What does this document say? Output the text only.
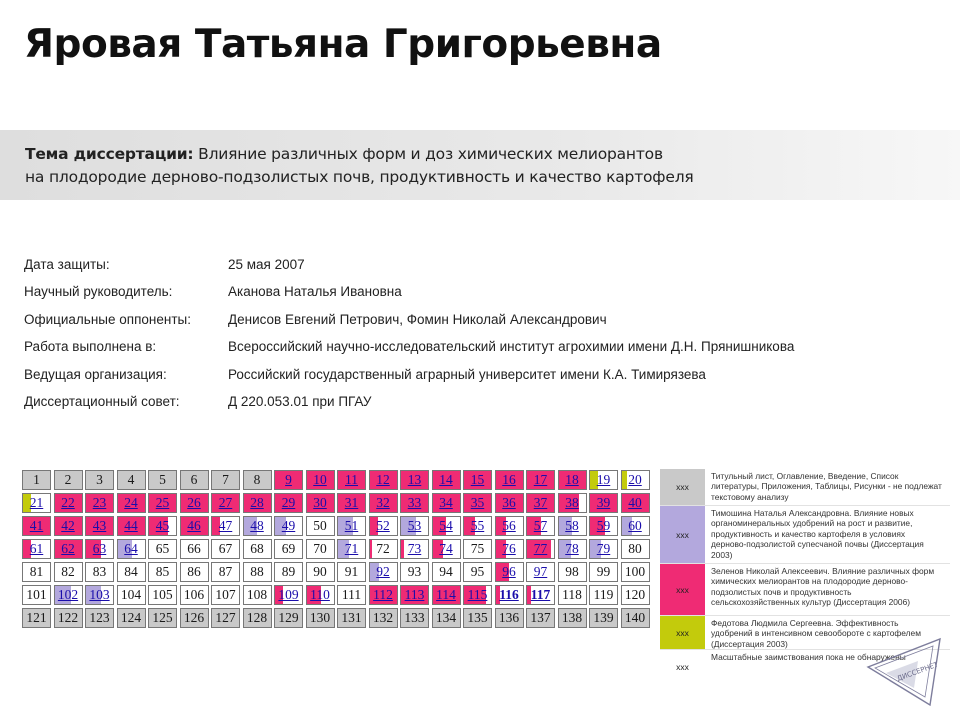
Яровая Татьяна Григорьевна
Тема диссертации: Влияние различных форм и доз химических мелиорантов
на плодородие дерново-подзолистых почв, продуктивность и качество картофеля
Дата защиты:	25 мая 2007
Научный руководитель:	Аканова Наталья Ивановна
Официальные оппоненты:	Денисов Евгений Петрович, Фомин Николай Александрович
Работа выполнена в:	Всероссийский научно-исследовательский институт агрохимии имени Д.Н. Прянишникова
Ведущая организация:	Российский государственный аграрный университет имени К.А. Тимирязева
Диссертационный совет:	Д 220.053.01 при ПГАУ
1 2 3 4 5 6 7 8 9 10 11 12 13 14 15 16 17 18 19 20
21 22 23 24 25 26 27 28 29 30 31 32 33 34 35 36 37 38 39 40
41 42 43 44 45 46 47 48 49 50 51 52 53 54 55 56 57 58 59 60
61 62 63 64 65 66 67 68 69 70 71 72 73 74 75 76 77 78 79 80
81 82 83 84 85 86 87 88 89 90 91 92 93 94 95 96 97 98 99 100
101 102 103 104 105 106 107 108 109 110 111 112 113 114 115 116 117 118 119 120
121 122 123 124 125 126 127 128 129 130 131 132 133 134 135 136 137 138 139 140
xxx
Титульный лист, Оглавление, Введение, Список литературы, Приложения, Таблицы, Рисунки - не подлежат текстовому анализу
xxx
Тимошина Наталья Александровна. Влияние новых органоминеральных удобрений на рост и развитие, продуктивность и качество картофеля в условиях дерново-подзолистой супесчаной почвы (Диссертация 2003)
xxx
Зеленов Николай Алексеевич. Влияние различных форм химических мелиорантов на плодородие дерново-подзолистых почв и продуктивность сельскохозяйственных культур (Диссертация 2006)
xxx
Федотова Людмила Сергеевна. Эффективность удобрений в интенсивном севообороте с картофелем (Диссертация 2003)
xxx
Масштабные заимствования пока не обнаружены
ДИССЕРНЕТ
